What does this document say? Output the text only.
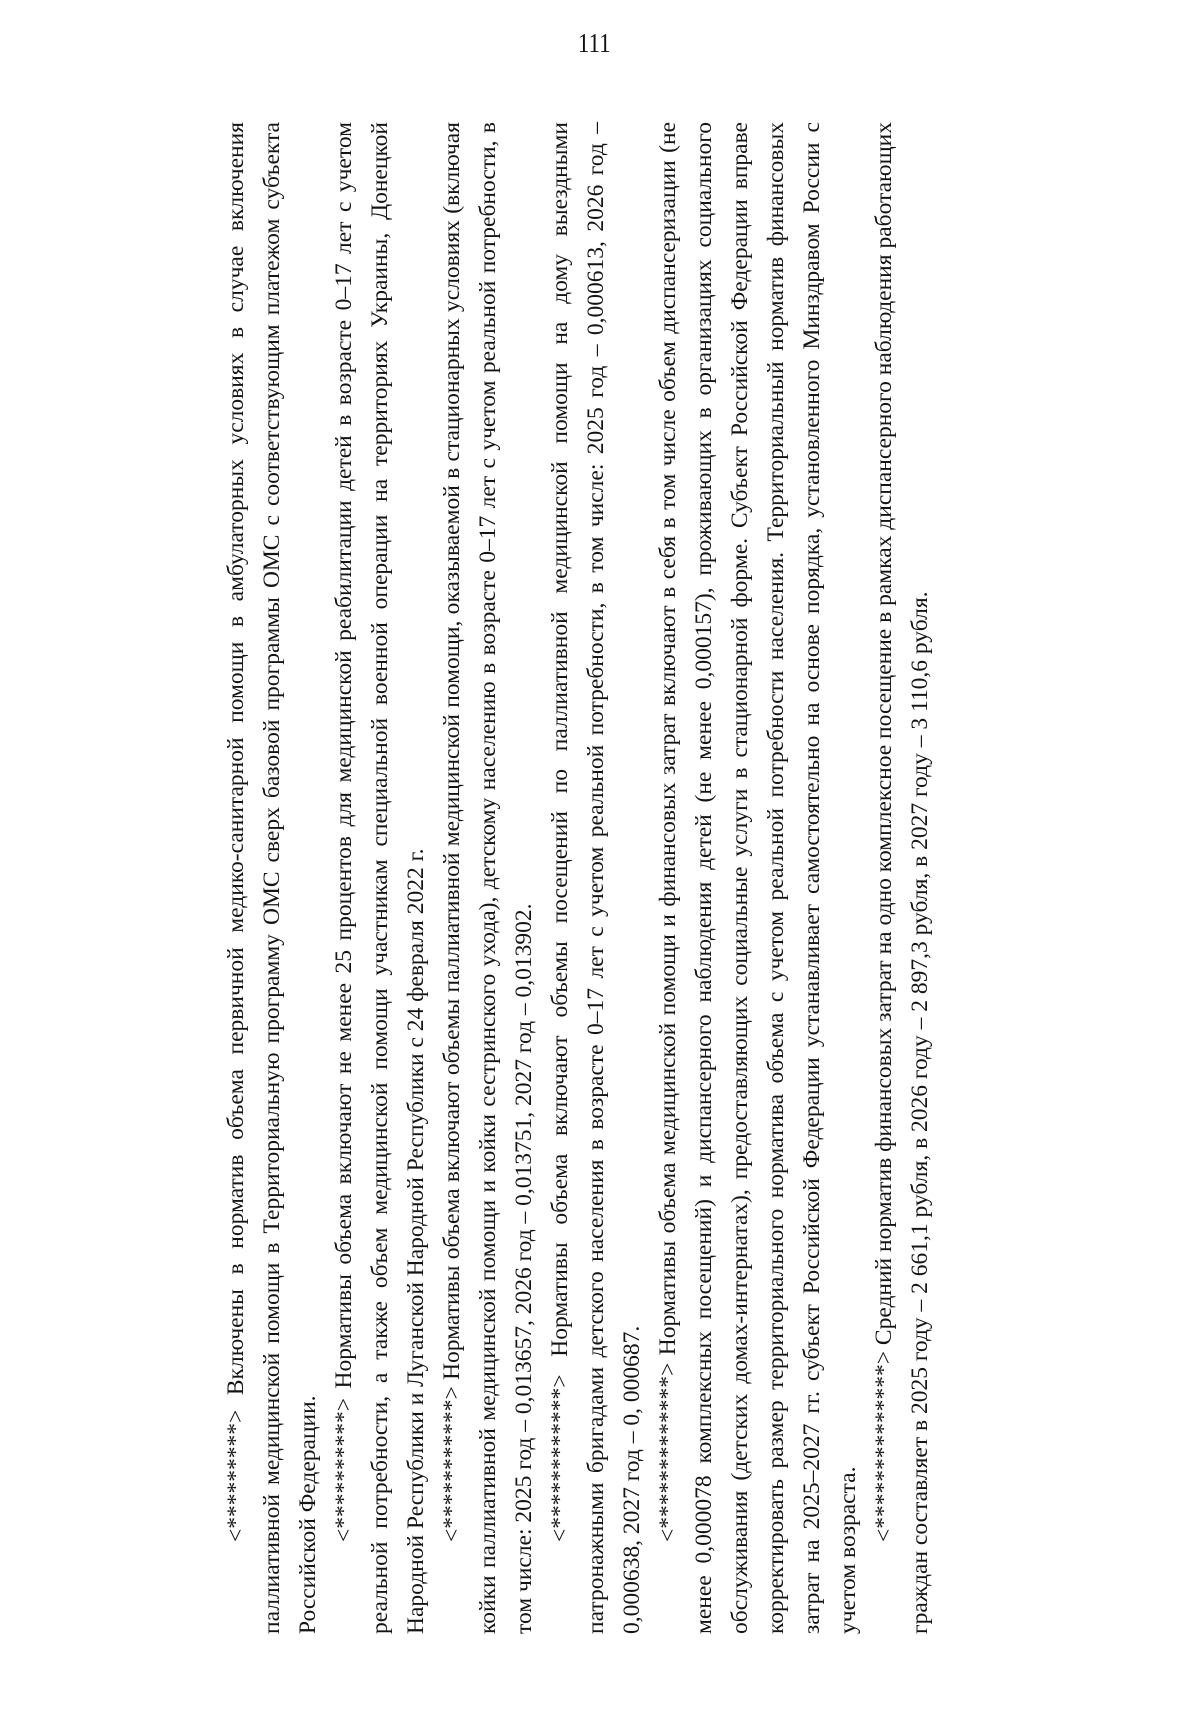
111

<*********> Включены в норматив объема первичной медико-санитарной помощи в амбулаторных условиях в случае включения паллиативной медицинской помощи в Территориальную программу ОМС сверх базовой программы ОМС с соответствующим платежом субъекта Российской Федерации. <**********> Нормативы объема включают не менее 25 процентов для медицинской реабилитации детей в возрасте 0–17 лет с учетом реальной потребности, а также объем медицинской помощи участникам специальной военной операции на территориях Украины, Донецкой Народной Республики и Луганской Народной Республики с 24 февраля 2022 г. <***********> Нормативы объема включают объемы паллиативной медицинской помощи, оказываемой в стационарных условиях (включая койки паллиативной медицинской помощи и койки сестринского ухода), детскому населению в возрасте 0–17 лет с учетом реальной потребности, в том числе: 2025 год – 0,013657, 2026 год – 0,013751, 2027 год – 0,013902. <************> Нормативы объема включают объемы посещений по паллиативной медицинской помощи на дому выездными патронажными бригадами детского населения в возрасте 0–17 лет с учетом реальной потребности, в том числе: 2025 год – 0,000613, 2026 год – 0,000638, 2027 год – 0, 000687. <*************> Нормативы объема медицинской помощи и финансовых затрат включают в себя в том числе объем диспансеризации (не менее 0,000078 комплексных посещений) и диспансерного наблюдения детей (не менее 0,000157), проживающих в организациях социального обслуживания (детских домах-интернатах), предоставляющих социальные услуги в стационарной форме. Субъект Российской Федерации вправе корректировать размер территориального норматива объема с учетом реальной потребности населения. Территориальный норматив финансовых затрат на 2025–2027 гг. субъект Российской Федерации устанавливает самостоятельно на основе порядка, установленного Минздравом России с учетом возраста.

<**************> Средний норматив финансовых затрат на одно комплексное посещение в рамках диспансерного наблюдения работающих граждан составляет в 2025 году – 2 661,1 рубля, в 2026 году – 2 897,3 рубля, в 2027 году – 3 110,6 рубля.
